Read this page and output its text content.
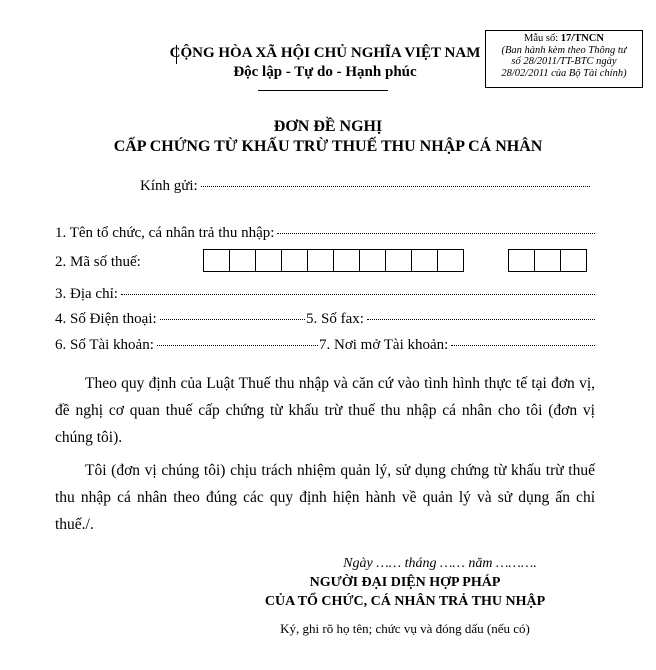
Mẫu số: 17/TNCN
(Ban hành kèm theo Thông tư
số 28/2011/TT-BTC ngày
28/02/2011 của Bộ Tài chính)
CỘNG HÒA XÃ HỘI CHỦ NGHĨA VIỆT NAM
Độc lập - Tự do - Hạnh phúc
ĐƠN ĐỀ NGHỊ
CẤP CHỨNG TỪ KHẤU TRỪ THUẾ THU NHẬP CÁ NHÂN
Kính gửi:
1. Tên tổ chức, cá nhân trả thu nhập:
2. Mã số thuế:
3. Địa chỉ:
4. Số Điện thoại:	5. Số fax:
6. Số Tài khoản:	7. Nơi mở Tài khoản:
Theo quy định của Luật Thuế thu nhập và căn cứ vào tình hình thực tế tại đơn vị, đề nghị cơ quan thuế cấp chứng từ khấu trừ thuế thu nhập cá nhân cho tôi (đơn vị chúng tôi).
Tôi (đơn vị chúng tôi) chịu trách nhiệm quản lý, sử dụng chứng từ khấu trừ thuế thu nhập cá nhân theo đúng các quy định hiện hành về quản lý và sử dụng ấn chỉ thuế./.
Ngày …… tháng …… năm ……….
NGƯỜI ĐẠI DIỆN HỢP PHÁP
CỦA TỔ CHỨC, CÁ NHÂN TRẢ THU NHẬP
Ký, ghi rõ họ tên; chức vụ và đóng dấu (nếu có)
